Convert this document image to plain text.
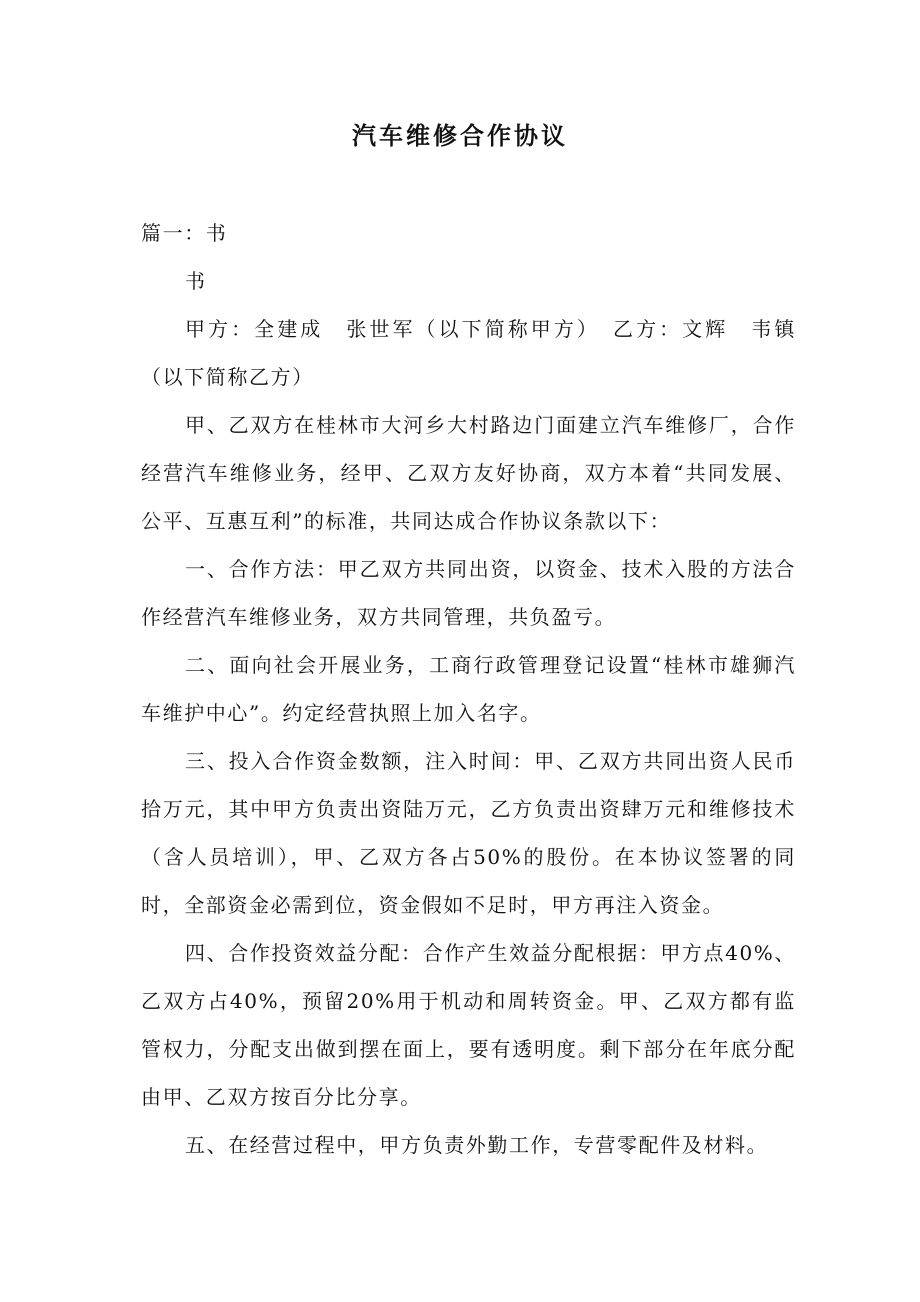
汽车维修合作协议

篇一：书

书

甲方：全建成　张世军（以下简称甲方）　乙方：文辉　韦镇（以下简称乙方）

甲、乙双方在桂林市大河乡大村路边门面建立汽车维修厂，合作经营汽车维修业务，经甲、乙双方友好协商，双方本着“共同发展、公平、互惠互利”的标准，共同达成合作协议条款以下：

一、合作方法：甲乙双方共同出资，以资金、技术入股的方法合作经营汽车维修业务，双方共同管理，共负盈亏。

二、面向社会开展业务，工商行政管理登记设置“桂林市雄狮汽车维护中心”。约定经营执照上加入名字。

三、投入合作资金数额，注入时间：甲、乙双方共同出资人民币拾万元，其中甲方负责出资陆万元，乙方负责出资肆万元和维修技术（含人员培训），甲、乙双方各占50%的股份。在本协议签署的同时，全部资金必需到位，资金假如不足时，甲方再注入资金。

四、合作投资效益分配：合作产生效益分配根据：甲方点40%、乙双方占40%，预留20%用于机动和周转资金。甲、乙双方都有监管权力，分配支出做到摆在面上，要有透明度。剩下部分在年底分配由甲、乙双方按百分比分享。

五、在经营过程中，甲方负责外勤工作，专营零配件及材料。
